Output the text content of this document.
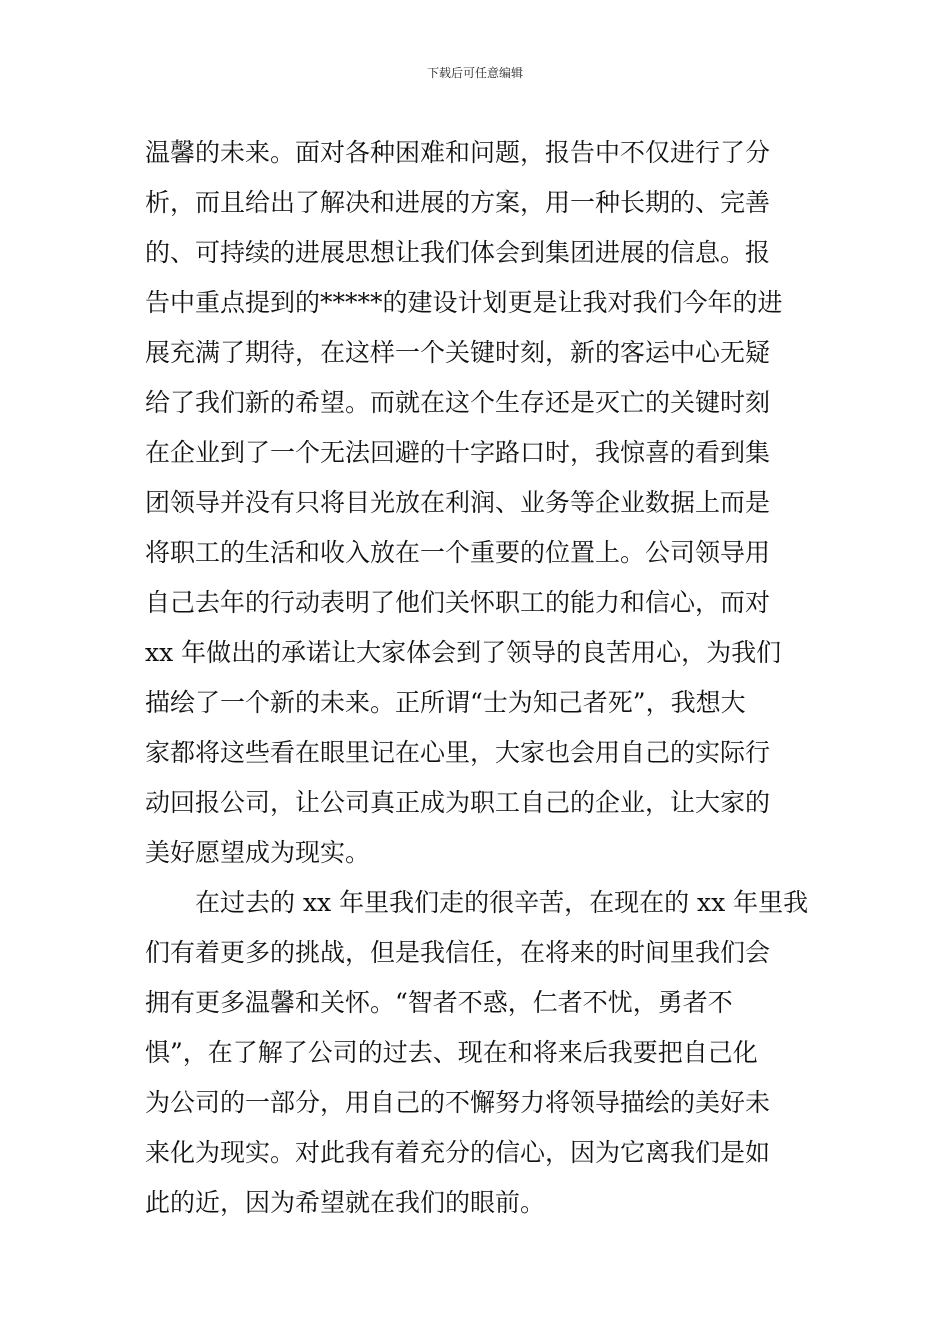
下载后可任意编辑
温馨的未来。面对各种困难和问题，报告中不仅进行了分
析，而且给出了解决和进展的方案，用一种长期的、完善
的、可持续的进展思想让我们体会到集团进展的信息。报
告中重点提到的*****的建设计划更是让我对我们今年的进
展充满了期待，在这样一个关键时刻，新的客运中心无疑
给了我们新的希望。而就在这个生存还是灭亡的关键时刻
在企业到了一个无法回避的十字路口时，我惊喜的看到集
团领导并没有只将目光放在利润、业务等企业数据上而是
将职工的生活和收入放在一个重要的位置上。公司领导用
自己去年的行动表明了他们关怀职工的能力和信心，而对
xx 年做出的承诺让大家体会到了领导的良苦用心，为我们
描绘了一个新的未来。正所谓“士为知己者死”，我想大
家都将这些看在眼里记在心里，大家也会用自己的实际行
动回报公司，让公司真正成为职工自己的企业，让大家的
美好愿望成为现实。
在过去的 xx 年里我们走的很辛苦，在现在的 xx 年里我
们有着更多的挑战，但是我信任，在将来的时间里我们会
拥有更多温馨和关怀。“智者不惑，仁者不忧，勇者不
惧”，在了解了公司的过去、现在和将来后我要把自己化
为公司的一部分，用自己的不懈努力将领导描绘的美好未
来化为现实。对此我有着充分的信心，因为它离我们是如
此的近，因为希望就在我们的眼前。
